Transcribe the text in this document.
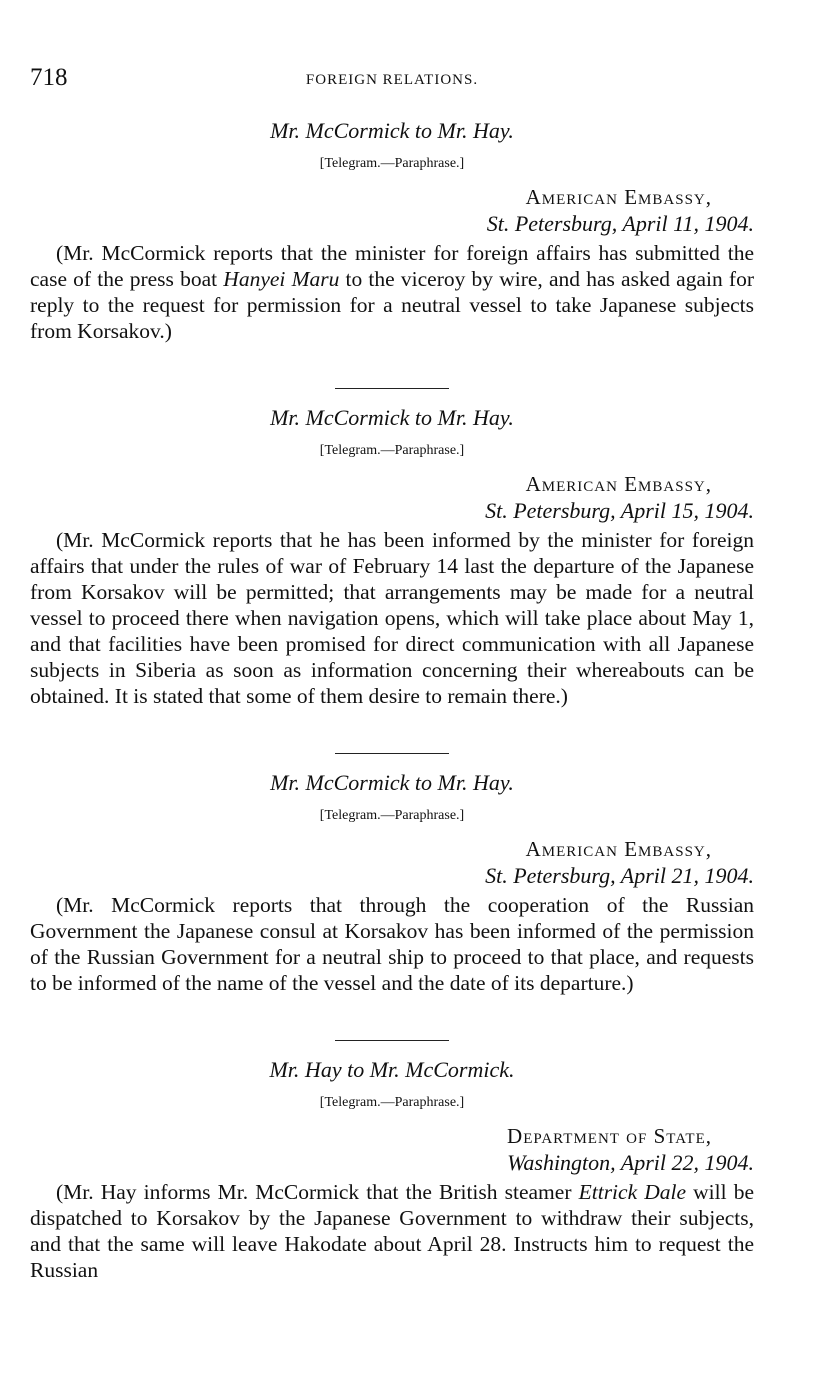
718	FOREIGN RELATIONS.
Mr. McCormick to Mr. Hay.
[Telegram.—Paraphrase.]
American Embassy,
St. Petersburg, April 11, 1904.

(Mr. McCormick reports that the minister for foreign affairs has submitted the case of the press boat Hanyei Maru to the viceroy by wire, and has asked again for reply to the request for permission for a neutral vessel to take Japanese subjects from Korsakov.)

Mr. McCormick to Mr. Hay.
[Telegram.—Paraphrase.]
American Embassy,
St. Petersburg, April 15, 1904.

(Mr. McCormick reports that he has been informed by the minister for foreign affairs that under the rules of war of February 14 last the departure of the Japanese from Korsakov will be permitted; that arrangements may be made for a neutral vessel to proceed there when navigation opens, which will take place about May 1, and that facilities have been promised for direct communication with all Japanese subjects in Siberia as soon as information concerning their whereabouts can be obtained. It is stated that some of them desire to remain there.)

Mr. McCormick to Mr. Hay.
[Telegram.—Paraphrase.]
American Embassy,
St. Petersburg, April 21, 1904.

(Mr. McCormick reports that through the cooperation of the Russian Government the Japanese consul at Korsakov has been informed of the permission of the Russian Government for a neutral ship to proceed to that place, and requests to be informed of the name of the vessel and the date of its departure.)

Mr. Hay to Mr. McCormick.
[Telegram.—Paraphrase.]
Department of State,
Washington, April 22, 1904.

(Mr. Hay informs Mr. McCormick that the British steamer Ettrick Dale will be dispatched to Korsakov by the Japanese Government to withdraw their subjects, and that the same will leave Hakodate about April 28. Instructs him to request the Russian
